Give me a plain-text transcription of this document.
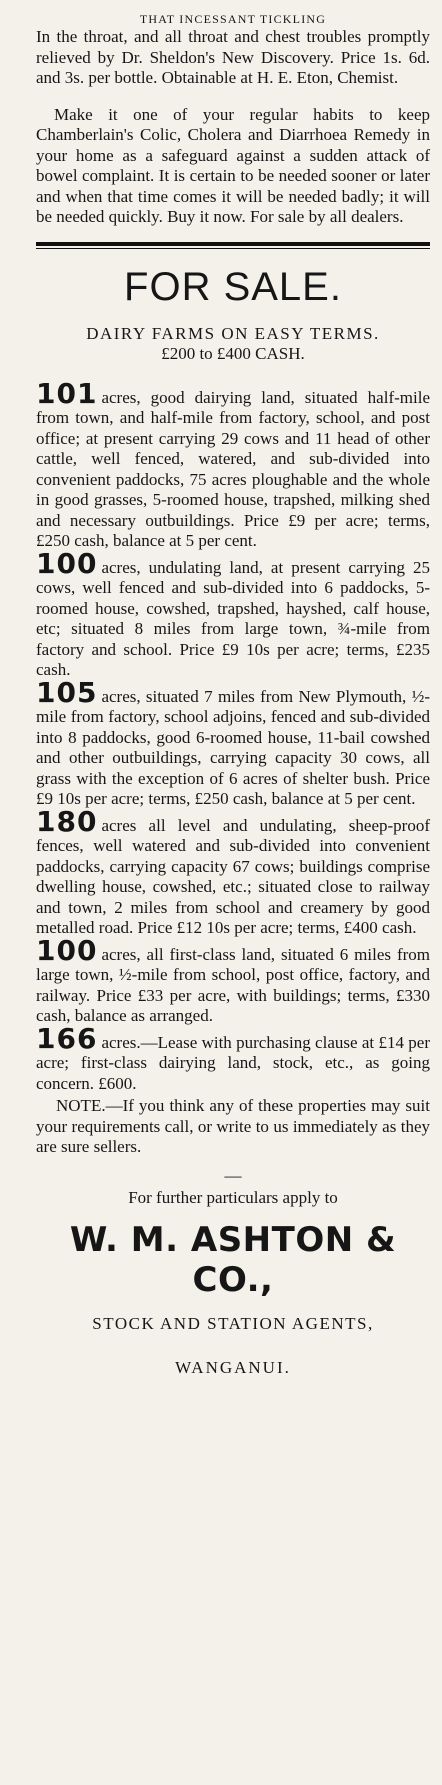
THAT INCESSANT TICKLING

In the throat, and all throat and chest troubles promptly relieved by Dr. Sheldon's New Discovery. Price 1s. 6d. and 3s. per bottle. Obtainable at H. E. Eton, Chemist.

Make it one of your regular habits to keep Chamberlain's Colic, Cholera and Diarrhoea Remedy in your home as a safeguard against a sudden attack of bowel complaint. It is certain to be needed sooner or later and when that time comes it will be needed badly; it will be needed quickly. Buy it now. For sale by all dealers.

FOR SALE.
DAIRY FARMS ON EASY TERMS.
£200 to £400 CASH.

101 acres, good dairying land, situated half-mile from town, and half-mile from factory, school, and post office; at present carrying 29 cows and 11 head of other cattle, well fenced, watered, and sub-divided into convenient paddocks, 75 acres ploughable and the whole in good grasses, 5-roomed house, trapshed, milking shed and necessary outbuildings. Price £9 per acre; terms, £250 cash, balance at 5 per cent.

100 acres, undulating land, at present carrying 25 cows, well fenced and sub-divided into 6 paddocks, 5-roomed house, cowshed, trapshed, hayshed, calf house, etc; situated 8 miles from large town, ¾-mile from factory and school. Price £9 10s per acre; terms, £235 cash.

105 acres, situated 7 miles from New Plymouth, ½-mile from factory, school adjoins, fenced and sub-divided into 8 paddocks, good 6-roomed house, 11-bail cowshed and other outbuildings, carrying capacity 30 cows, all grass with the exception of 6 acres of shelter bush. Price £9 10s per acre; terms, £250 cash, balance at 5 per cent.

180 acres all level and undulating, sheep-proof fences, well watered and sub-divided into convenient paddocks, carrying capacity 67 cows; buildings comprise dwelling house, cowshed, etc.; situated close to railway and town, 2 miles from school and creamery by good metalled road. Price £12 10s per acre; terms, £400 cash.

100 acres, all first-class land, situated 6 miles from large town, ½-mile from school, post office, factory, and railway. Price £33 per acre, with buildings; terms, £330 cash, balance as arranged.

166 acres.—Lease with purchasing clause at £14 per acre; first-class dairying land, stock, etc., as going concern. £600.

NOTE.—If you think any of these properties may suit your requirements call, or write to us immediately as they are sure sellers.

—
For further particulars apply to
W. M. ASHTON & CO.,
STOCK AND STATION AGENTS,
WANGANUI.
